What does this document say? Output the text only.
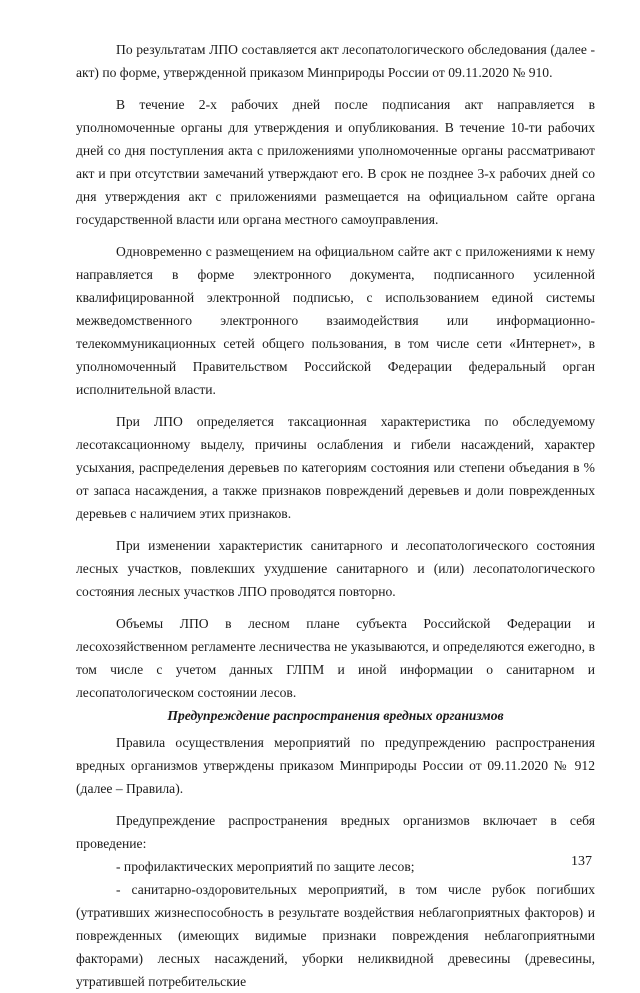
По результатам ЛПО составляется акт лесопатологического обследования (далее - акт) по форме, утвержденной приказом Минприроды России от 09.11.2020 № 910.

В течение 2-х рабочих дней после подписания акт направляется в уполномоченные органы для утверждения и опубликования. В течение 10-ти рабочих дней со дня поступления акта с приложениями уполномоченные органы рассматривают акт и при отсутствии замечаний утверждают его. В срок не позднее 3-х рабочих дней со дня утверждения акт с приложениями размещается на официальном сайте органа государственной власти или органа местного самоуправления.

Одновременно с размещением на официальном сайте акт с приложениями к нему направляется в форме электронного документа, подписанного усиленной квалифицированной электронной подписью, с использованием единой системы межведомственного электронного взаимодействия или информационно-телекоммуникационных сетей общего пользования, в том числе сети «Интернет», в уполномоченный Правительством Российской Федерации федеральный орган исполнительной власти.

При ЛПО определяется таксационная характеристика по обследуемому лесотаксационному выделу, причины ослабления и гибели насаждений, характер усыхания, распределения деревьев по категориям состояния или степени объедания в % от запаса насаждения, а также признаков повреждений деревьев и доли поврежденных деревьев с наличием этих признаков.

При изменении характеристик санитарного и лесопатологического состояния лесных участков, повлекших ухудшение санитарного и (или) лесопатологического состояния лесных участков ЛПО проводятся повторно.

Объемы ЛПО в лесном плане субъекта Российской Федерации и лесохозяйственном регламенте лесничества не указываются, и определяются ежегодно, в том числе с учетом данных ГЛПМ и иной информации о санитарном и лесопатологическом состоянии лесов.

Предупреждение распространения вредных организмов

Правила осуществления мероприятий по предупреждению распространения вредных организмов утверждены приказом Минприроды России от 09.11.2020 № 912 (далее – Правила).

Предупреждение распространения вредных организмов включает в себя проведение:

- профилактических мероприятий по защите лесов;

- санитарно-оздоровительных мероприятий, в том числе рубок погибших (утративших жизнеспособность в результате воздействия неблагоприятных факторов) и поврежденных (имеющих видимые признаки повреждения неблагоприятными факторами) лесных насаждений, уборки неликвидной древесины (древесины, утратившей потребительские

137
